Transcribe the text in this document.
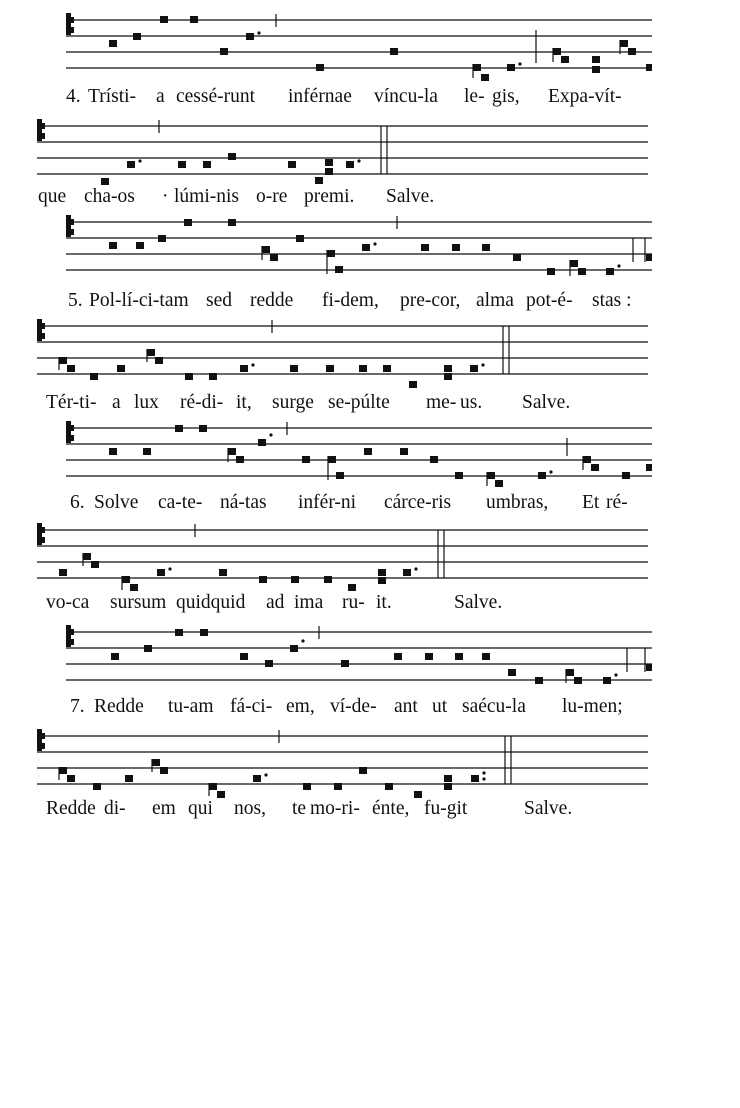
4.

Trísti-

a

cessé-runt

inférnae

víncu-la

le-

gis,

Expa-vít-

que

cha-os

·

lúmi-nis

o-re

premi.

Salve.

5.

Pol-lí-ci-tam

sed

redde

fi-dem,

pre-cor,

alma

pot-é-

stas :

Tér-ti-

a

lux

ré-di-

it,

surge

se-púlte

me-

us.

Salve.

6.

Solve

ca-te-

ná-tas

infér-ni

cárce-ris

umbras,

Et

ré-

vo-ca

sursum

quidquid

ad

ima

ru-

it.

	Salve.

7.

Redde

tu-am

fá-ci-

em,

ví-de-

ant

ut

saécu-la

lu-men;

Redde

di-

em

qui

nos,

te

mo-ri-

énte,

fu-git

	Salve.
